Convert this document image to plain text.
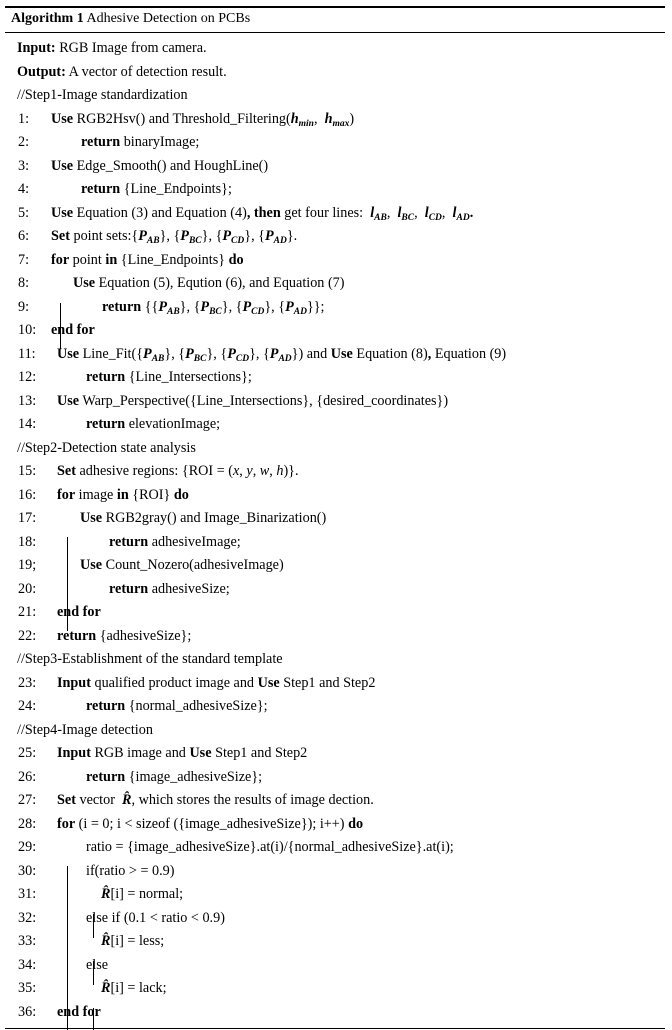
Algorithm 1 Adhesive Detection on PCBs
Input: RGB Image from camera.
Output: A vector of detection result.
//Step1-Image standardization
1: Use RGB2Hsv() and $Threshold\_Filtering(h_{min}$, $h_{max}$)
2:	return binaryImage;
3: Use Edge_Smooth() and HoughLine()
4:	return {Line_Endpoints};
5: Use Equation (3) and Equation (4), then get four lines: $l_{AB}$, $l_{BC}$, $l_{CD}$, $l_{AD}$.
6: Set point $sets:\{P_{AB}\}$, $\{P_{BC}\}$, $\{P_{CD}\}$, $\{P_{AD}\}$.
7: for point in {Line_Endpoints} do
8:	Use Equation (5), Eqution (6), and Equation (7)
9:	return {$\{P_{AB}\}$, $\{P_{BC}\}$, $\{P_{CD}\}$, $\{P_{AD}\}$};
10: end for
11: Use $Line\_Fit(\{P_{AB}\}$, $\{P_{BC}\}$, $\{P_{CD}\}$, $\{P_{AD}\}$) and Use Equation (8), Equation (9)
12:	return {Line_Intersections};
13: Use Warp_Perspective({Line_Intersections}, {desired_coordinates})
14:	return elevationImage;
//Step2-Detection state analysis
15: Set adhesive regions: {ROI = (x, y, w, h)}.
16: for image in {ROI} do
17:	Use RGB2gray() and Image_Binarization()
18:	return adhesiveImage;
19;	Use Count_Nozero(adhesiveImage)
20:	return adhesiveSize;
21: end for
22: return {adhesiveSize};
//Step3-Establishment of the standard template
23: Input qualified product image and Use Step1 and Step2
24:	return {normal_adhesiveSize};
//Step4-Image detection
25: Input RGB image and Use Step1 and Step2
26:	return {image_adhesiveSize};
27: Set vector R̂, which stores the results of image dection.
28: for (i = 0; i < sizeof ({image_adhesiveSize}); i++) do
29:	ratio = {image_adhesiveSize}.at(i)/{normal_adhesiveSize}.at(i);
30:	if(ratio > = 0.9)
31:	R̂[i] = normal;
32:	else if (0.1 < ratio < 0.9)
33:	R̂[i] = less;
34:	else
35:	R̂[i] = lack;
36: end for
